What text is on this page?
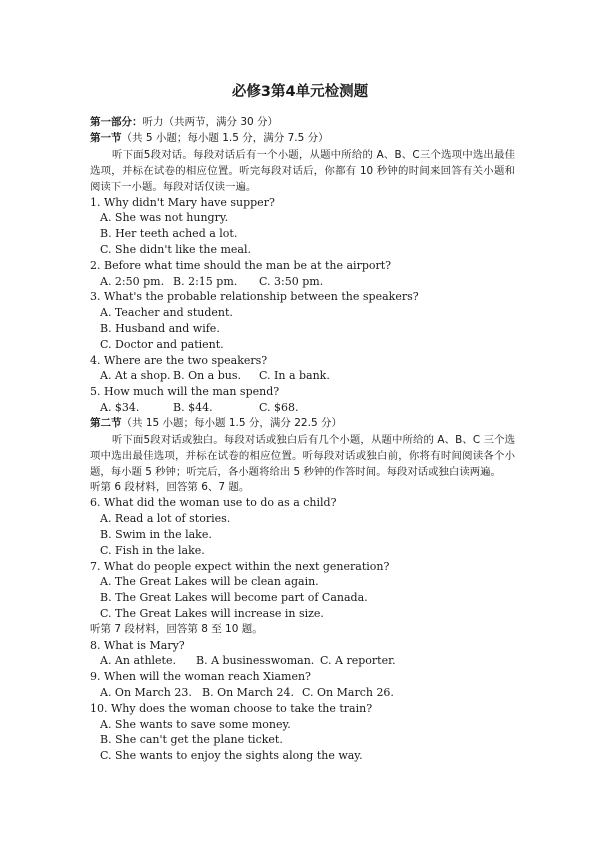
必修3第4单元检测题
第一部分：听力（共两节，满分 30 分）
第一节（共 5 小题；每小题 1.5 分，满分 7.5 分）
听下面5段对话。每段对话后有一个小题，从题中所给的 A、B、C三个选项中选出最佳选项，并标在试卷的相应位置。听完每段对话后，你都有 10 秒钟的时间来回答有关小题和阅读下一小题。每段对话仅读一遍。
1. Why didn't Mary have supper?
A. She was not hungry.
B. Her teeth ached a lot.
C. She didn't like the meal.
2. Before what time should the man be at the airport?
A. 2:50 pm. B. 2:15 pm.	C. 3:50 pm.
3. What's the probable relationship between the speakers?
A. Teacher and student.
B. Husband and wife.
C. Doctor and patient.
4. Where are the two speakers?
A. At a shop. B. On a bus.	C. In a bank.
5. How much will the man spend?
A. $34.	B. $44.	C. $68.
第二节（共 15 小题；每小题 1.5 分，满分 22.5 分）
听下面5段对话或独白。每段对话或独白后有几个小题，从题中所给的 A、B、C 三个选项中选出最佳选项，并标在试卷的相应位置。听每段对话或独白前，你将有时间阅读各个小题，每小题 5 秒钟；听完后，各小题将给出 5 秒钟的作答时间。每段对话或独白读两遍。
听第 6 段材料，回答第 6、7 题。
6. What did the woman use to do as a child?
A. Read a lot of stories.
B. Swim in the lake.
C. Fish in the lake.
7. What do people expect within the next generation?
A. The Great Lakes will be clean again.
B. The Great Lakes will become part of Canada.
C. The Great Lakes will increase in size.
听第 7 段材料，回答第 8 至 10 题。
8. What is Mary?
A. An athlete.	B. A businesswoman. C. A reporter.
9. When will the woman reach Xiamen?
A. On March 23. B. On March 24. C. On March 26.
10. Why does the woman choose to take the train?
A. She wants to save some money.
B. She can't get the plane ticket.
C. She wants to enjoy the sights along the way.
